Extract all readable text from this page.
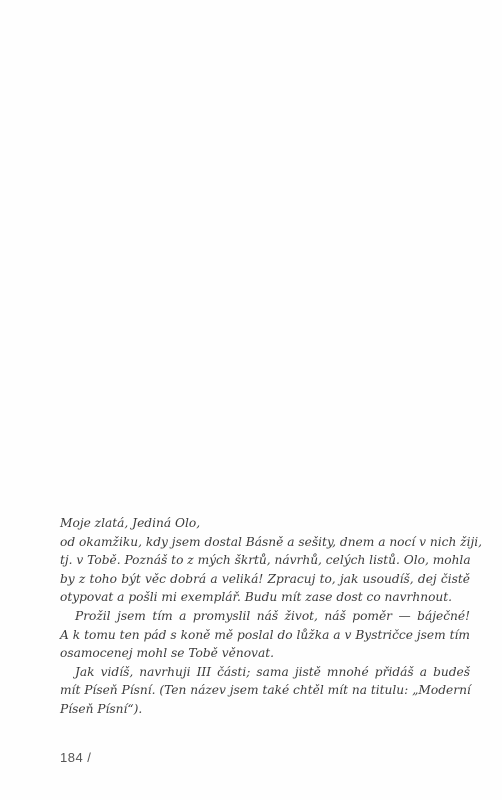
Moje zlatá, Jediná Olo,
od okamžiku, kdy jsem dostal Básně a sešity, dnem a nocí v nich žiji,
tj. v Tobě. Poznáš to z mých škrtů, návrhů, celých listů. Olo, mohla
by z toho být věc dobrá a veliká! Zpracuj to, jak usoudíš, dej čistě
otypovat a pošli mi exemplář. Budu mít zase dost co navrhnout.
Prožil jsem tím a promyslil náš život, náš poměr — báječné!
A k tomu ten pád s koně mě poslal do lůžka a v Bystričce jsem tím
osamocenej mohl se Tobě věnovat.
Jak vidíš, navrhuji III části; sama jistě mnohé přidáš a budeš
mít Píseň Písní. (Ten název jsem také chtěl mít na titulu: „Moderní
Píseň Písní“).
184 /
